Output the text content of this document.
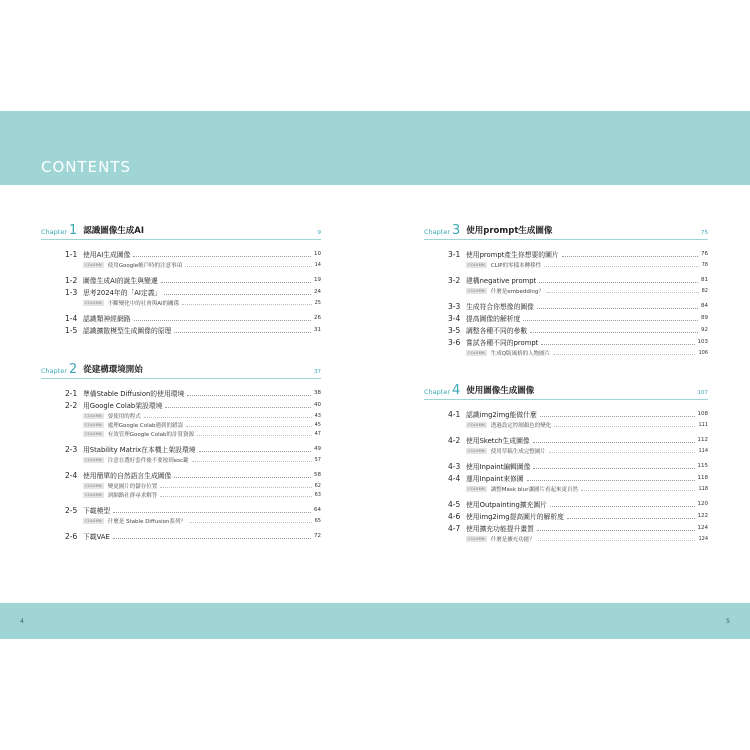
CONTENTS
Chapter 1 認識圖像生成AI	9
1-1 使用AI生成圖像	10
COLUMN	使用Google帳戶時的注意事項	14
1-2 圖像生成AI的誕生與變遷	19
1-3 思考2024年的「AI定義」	24
COLUMN	不斷變化中的社會與AI的關係	25
1-4 認識類神經網路	26
1-5 認識擴散模型生成圖像的原理	31
Chapter 2 從建構環境開始	37
2-1 準備Stable Diffusion的使用環境	38
2-2 用Google Colab架設環境	40
COLUMN	要使用的程式	43
COLUMN	處理Google Colab遇到的錯誤	45
COLUMN	有效管理Google Colab的計算資源	47
2-3 用Stability Matrix在本機上架設環境	49
COLUMN	注意在選好套件後不要按到esc鍵	57
2-4 使用簡單的自然語言生成圖像	58
COLUMN	變更圖片的儲存位置	62
COLUMN	到網路社群尋求解答	63
2-5 下載模型	64
COLUMN	什麼是 Stable Diffusion系列？	65
2-6 下載VAE	72
Chapter 3 使用prompt生成圖像	75
3-1 使用prompt產生你想要的圖片	76
COLUMN	CLIP的零樣本轉移性	78
3-2 建構negative prompt	81
COLUMN	什麼是embedding？	82
3-3 生成符合你想像的圖像	84
3-4 提高圖像的解析度	89
3-5 調整各種不同的參數	92
3-6 嘗試各種不同的prompt	103
COLUMN	生成Q版風格的人物圖片	106
Chapter 4 使用圖像生成圖像	107
4-1 認識img2img能做什麼	108
COLUMN	透過設定控制顏色的變化	111
4-2 使用Sketch生成圖像	112
COLUMN	使用草稿生成完整圖片	114
4-3 使用Inpaint編輯圖像	115
4-4 運用Inpaint來修圖	118
COLUMN	調整Mask blur讓圖片看起來更自然	118
4-5 使用Outpainting擴充圖片	120
4-6 使用img2img提高圖片的解析度	122
4-7 使用擴充功能提升畫質	124
COLUMN	什麼是擴充功能？	124
4	5
